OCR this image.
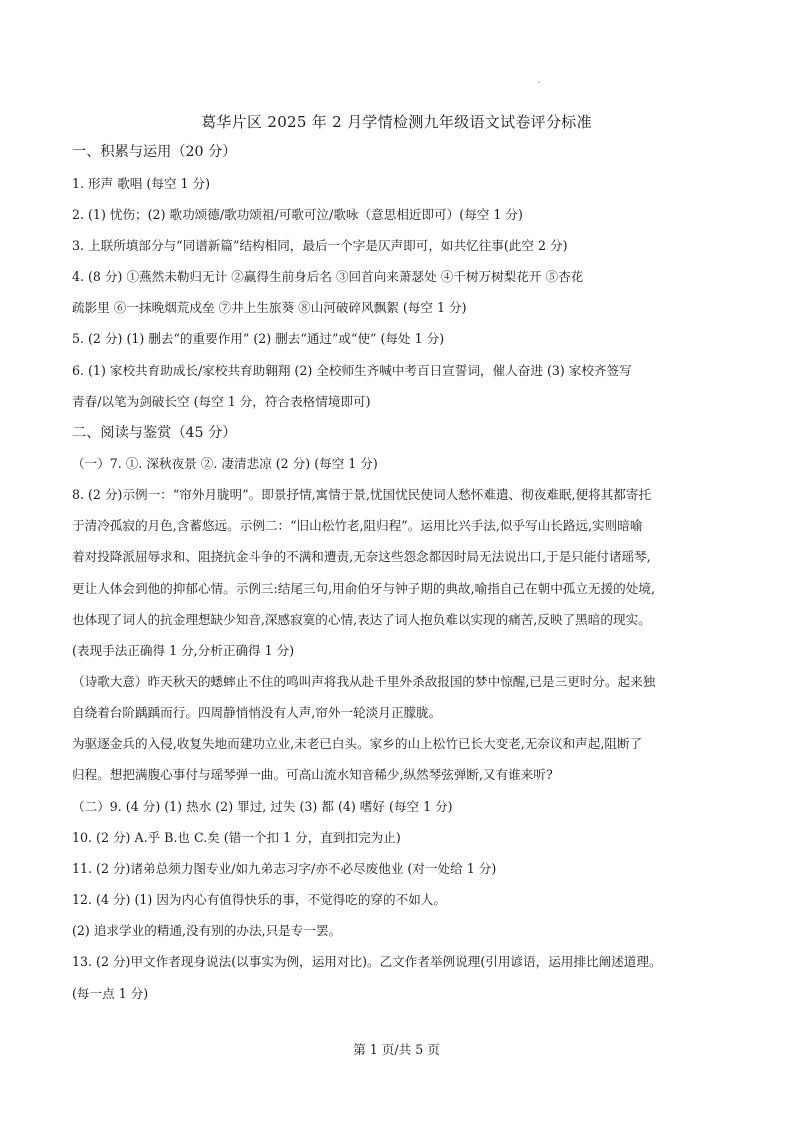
葛华片区 2025 年 2 月学情检测九年级语文试卷评分标准
一、积累与运用（20 分）
1. 形声 歌唱 (每空 1 分)
2. (1) 忧伤；(2) 歌功颂德/歌功颂祖/可歌可泣/歌咏（意思相近即可）(每空 1 分)
3. 上联所填部分与“同谱新篇”结构相同，最后一个字是仄声即可，如共忆往事(此空 2 分)
4. (8 分) ①燕然未勒归无计 ②赢得生前身后名 ③回首向来萧瑟处 ④千树万树梨花开 ⑤杏花
疏影里 ⑥一抹晚烟荒戍垒 ⑦井上生旅葵 ⑧山河破碎风飘絮 (每空 1 分)
5. (2 分) (1) 删去“的重要作用” (2) 删去“通过”或“使” (每处 1 分)
6. (1) 家校共育助成长/家校共育助翱翔 (2) 全校师生齐喊中考百日宣誓词，催人奋进 (3) 家校齐签写
青春/以笔为剑破长空 (每空 1 分，符合表格情境即可)
二、阅读与鉴赏（45 分）
（一）7. ①. 深秋夜景 ②. 凄清悲凉 (2 分) (每空 1 分)
8. (2 分)示例一：“帘外月胧明”。即景抒情,寓情于景,忧国忧民使词人愁怀难遣、彻夜难眠,便将其都寄托
于清冷孤寂的月色,含蓄悠远。示例二：“旧山松竹老,阻归程”。运用比兴手法,似乎写山长路远,实则暗喻
着对投降派屈辱求和、阻挠抗金斗争的不满和遭责,无奈这些怨念都因时局无法说出口,于是只能付诸瑶琴,
更让人体会到他的抑郁心情。示例三:结尾三句,用俞伯牙与钟子期的典故,喻指自己在朝中孤立无援的处境,
也体现了词人的抗金理想缺少知音,深感寂寞的心情,表达了词人抱负难以实现的痛苦,反映了黑暗的现实。
(表现手法正确得 1 分,分析正确得 1 分)
（诗歌大意）昨天秋天的蟋蟀止不住的鸣叫声将我从赴千里外杀敌报国的梦中惊醒,已是三更时分。起来独
自绕着台阶踽踽而行。四周静悄悄没有人声,帘外一轮淡月正朦胧。
为驱逐金兵的入侵,收复失地而建功立业,未老已白头。家乡的山上松竹已长大变老,无奈议和声起,阻断了
归程。想把满腹心事付与瑶琴弹一曲。可高山流水知音稀少,纵然琴弦弹断,又有谁来听?
（二）9. (4 分) (1) 热水 (2) 罪过, 过失 (3) 都 (4) 嗜好 (每空 1 分)
10. (2 分) A.乎 B.也 C.矣 (错一个扣 1 分，直到扣完为止)
11. (2 分)诸弟总须力图专业/如九弟志习字/亦不必尽废他业 (对一处给 1 分)
12. (4 分) (1) 因为内心有值得快乐的事，不觉得吃的穿的不如人。
(2) 追求学业的精通,没有别的办法,只是专一罢。
13. (2 分)甲文作者现身说法(以事实为例，运用对比)。乙文作者举例说理(引用谚语，运用排比阐述道理。
(每一点 1 分)
第 1 页/共 5 页
